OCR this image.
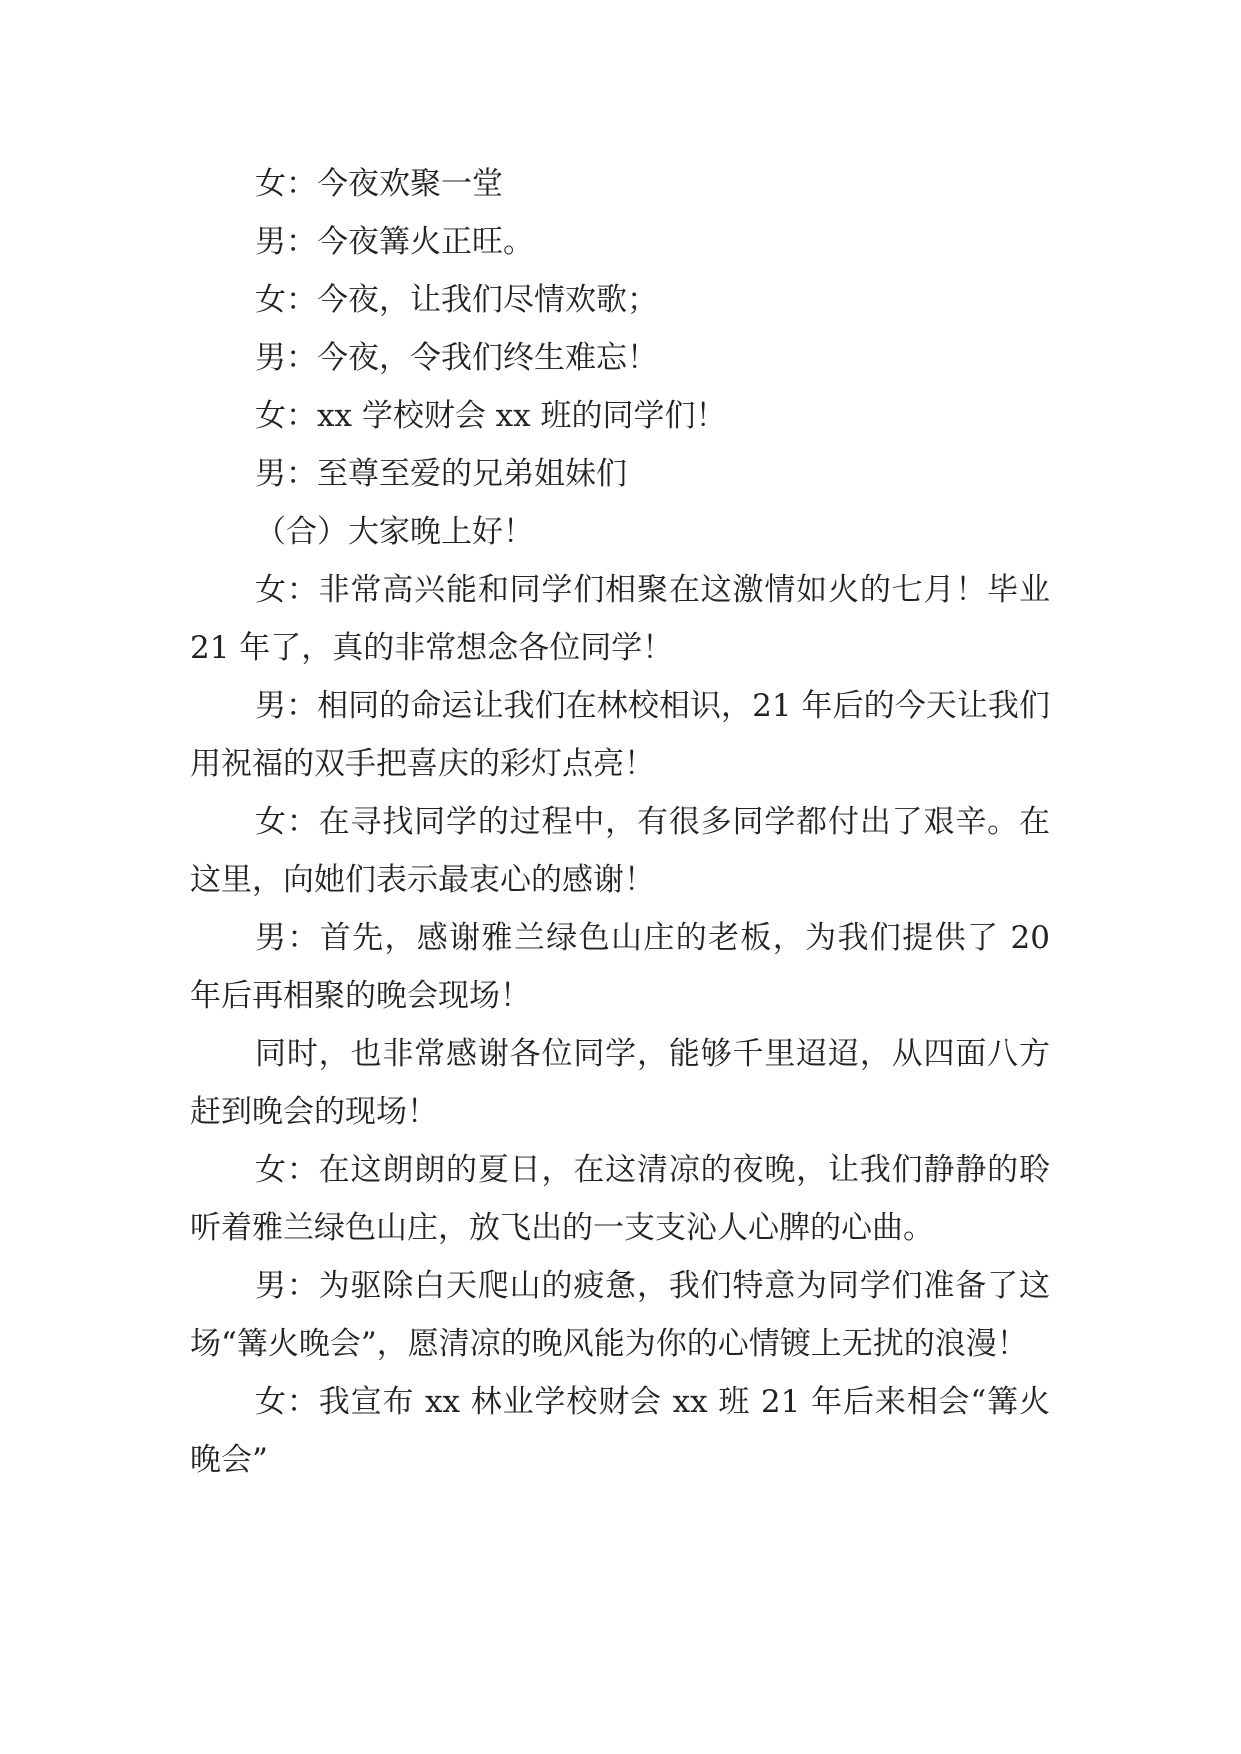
女：今夜欢聚一堂

男：今夜篝火正旺。

女：今夜，让我们尽情欢歌；

男：今夜，令我们终生难忘！

女：xx 学校财会 xx 班的同学们！

男：至尊至爱的兄弟姐妹们

（合）大家晚上好！

女：非常高兴能和同学们相聚在这激情如火的七月！毕业 21 年了，真的非常想念各位同学！

男：相同的命运让我们在林校相识，21 年后的今天让我们用祝福的双手把喜庆的彩灯点亮！

女：在寻找同学的过程中，有很多同学都付出了艰辛。在这里，向她们表示最衷心的感谢！

男：首先，感谢雅兰绿色山庄的老板，为我们提供了 20 年后再相聚的晚会现场！

同时，也非常感谢各位同学，能够千里迢迢，从四面八方赶到晚会的现场！

女：在这朗朗的夏日，在这清凉的夜晚，让我们静静的聆听着雅兰绿色山庄，放飞出的一支支沁人心脾的心曲。

男：为驱除白天爬山的疲惫，我们特意为同学们准备了这场“篝火晚会”，愿清凉的晚风能为你的心情镀上无扰的浪漫！

女：我宣布 xx 林业学校财会 xx 班 21 年后来相会“篝火晚会”
